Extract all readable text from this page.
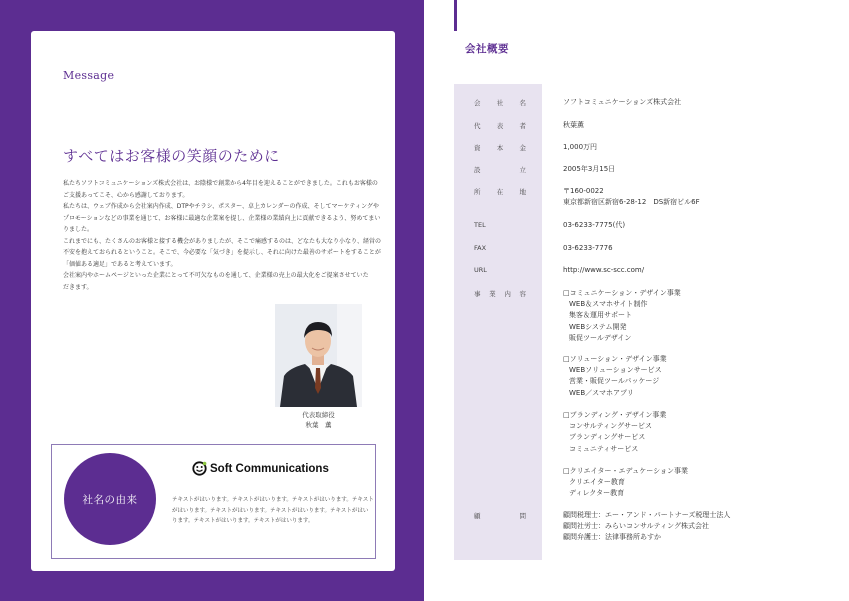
Message
すべてはお客様の笑顔のために

私たちソフトコミュニケーションズ株式会社は、お陰様で創業から4年目を迎えることができました。これもお客様の

ご支援あってこそ、心から感謝しております。

私たちは、ウェブ作成から会社案内作成、DTPやチラシ、ポスター、卓上カレンダーの作成、そしてマーケティングや

プロモーションなどの事業を通じて、お客様に最適な企業案を提し、企業様の業績向上に貢献できるよう、努めてまい

りました。

これまでにも、たくさんのお客様と接する機会がありましたが、そこで痛感するのは、どなたも大なり小なり、経営の

不安を抱えておられるということ。そこで、今必要な「気づき」を提示し、それに向けた最善のサポートをすることが

「価値ある適足」であると考えています。

会社案内やホームページといった企業にとって不可欠なものを通して、企業様の売上の最大化をご提案させていた

だきます。

代表取締役
秋葉　薫
社名の由来
Soft Communications

テキストがはいります。テキストがはいります。テキストがはいります。テキスト

がはいります。テキストがはいります。テキストがはいります。テキストがはい

ります。テキストがはいります。テキストがはいります。

会社概要
会社名	ソフトコミュニケーションズ株式会社
代表者	秋葉薫
資本金	1,000万円
設立	2005年3月15日
所在地	〒160-0022
東京都新宿区新宿6-28-12　DS新宿ビル6F
TEL	03-6233-7775(代)
FAX	03-6233-7776
URL	http://www.sc-scc.com/
事業内容	□コミュニケーション・デザイン事業
WEB＆スマホサイト制作
集客＆運用サポート
WEBシステム開発
販促ツールデザイン
□ソリューション・デザイン事業
WEBソリューションサービス
営業・販促ツールパッケージ
WEB／スマホアプリ
□ブランディング・デザイン事業
コンサルティングサービス
ブランディングサービス
コミュニティサービス
□クリエイター・エデュケーション事業
クリエイター教育
ディレクター教育
顧問	顧問税理士：エー・アンド・パートナーズ税理士法人
顧問社労士：みらいコンサルティング株式会社
顧問弁護士：法律事務所あすか
